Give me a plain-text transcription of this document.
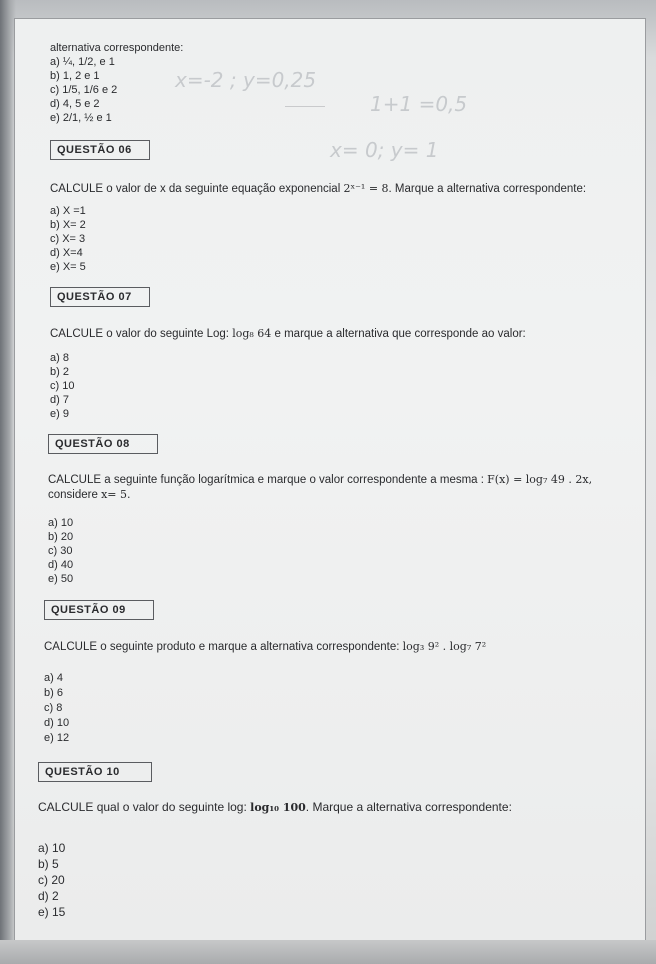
alternativa correspondente:
a) ¼, 1/2, e 1
b) 1, 2 e 1
c) 1/5, 1/6 e 2
d) 4, 5 e 2
e) 2/1, ½ e 1
x=-2 ; y=0,25
1+1 =0,5
x= 0; y= 1
QUESTÃO 06
CALCULE o valor de x da seguinte equação exponencial 2ˣ⁻¹ = 8. Marque a alternativa correspondente:
a) X =1
b) X= 2
c) X= 3
d) X=4
e) X= 5
QUESTÃO 07
CALCULE o valor do seguinte Log: log₈ 64 e marque a alternativa que corresponde ao valor:
a) 8
b) 2
c) 10
d) 7
e) 9
QUESTÃO 08
CALCULE a seguinte função logarítmica e marque o valor correspondente a mesma : F(x) = log₇ 49 . 2x,
considere x= 5.
a) 10
b) 20
c) 30
d) 40
e) 50
QUESTÃO 09
CALCULE o seguinte produto e marque a alternativa correspondente: log₃ 9² . log₇ 7²
a) 4
b) 6
c) 8
d) 10
e) 12
QUESTÃO 10
CALCULE qual o valor do seguinte log: log₁₀ 100. Marque a alternativa correspondente:
a) 10
b) 5
c) 20
d) 2
e) 15
